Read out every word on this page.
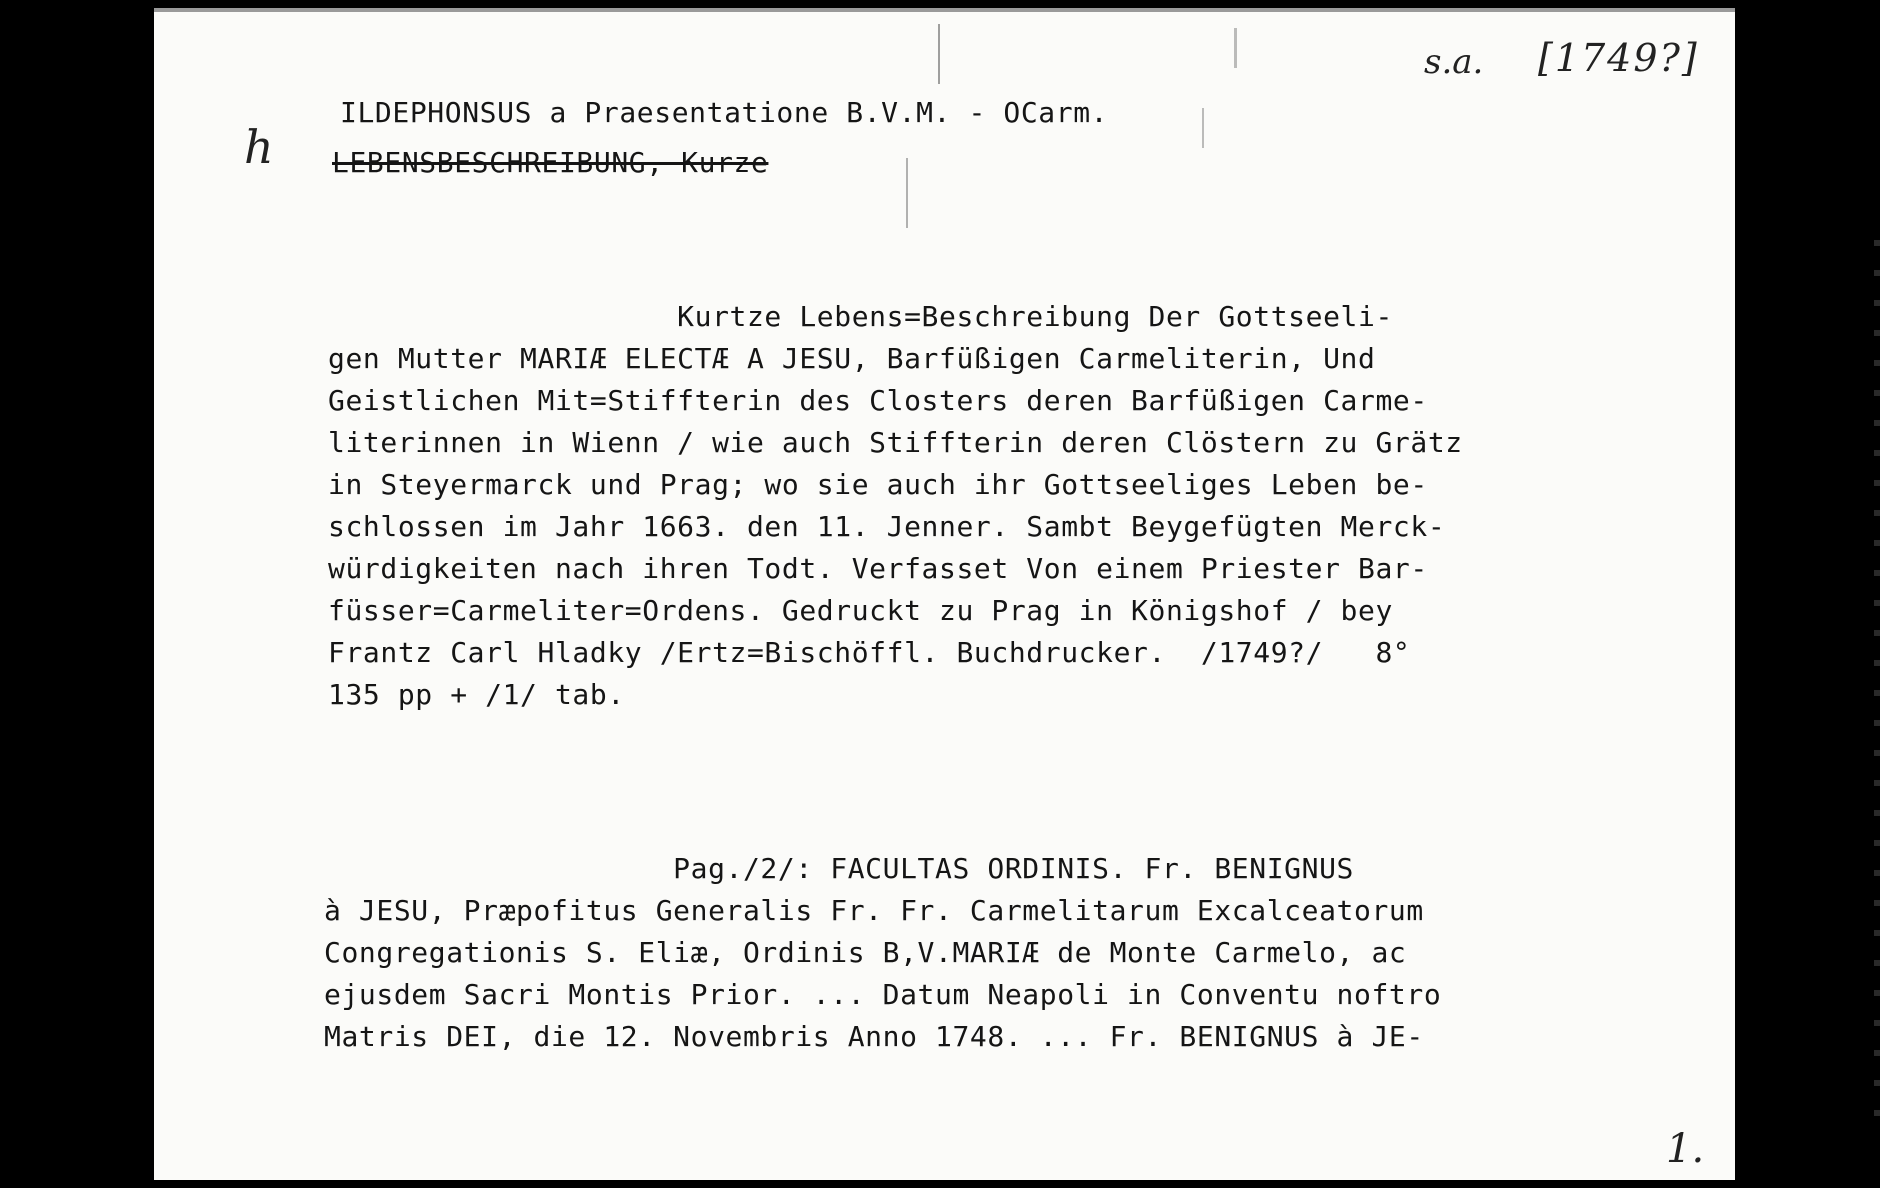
h
s.a. [1749?]
ILDEPHONSUS a Praesentatione B.V.M. - OCarm.
LEBENSBESCHREIBUNG, Kurze
Kurtze Lebens=Beschreibung Der Gottseeli-
gen Mutter MARIÆ ELECTÆ A JESU, Barfüßigen Carmeliterin, Und
Geistlichen Mit=Stiffterin des Closters deren Barfüßigen Carme-
literinnen in Wienn / wie auch Stiffterin deren Clöstern zu Grätz
in Steyermarck und Prag; wo sie auch ihr Gottseeliges Leben be-
schlossen im Jahr 1663. den 11. Jenner. Sambt Beygefügten Merck-
würdigkeiten nach ihren Todt. Verfasset Von einem Priester Bar-
füsser=Carmeliter=Ordens. Gedruckt zu Prag in Königshof / bey
Frantz Carl Hladky /Ertz=Bischöffl. Buchdrucker.  /1749?/   8°
135 pp + /1/ tab.
Pag./2/: FACULTAS ORDINIS. Fr. BENIGNUS
à JESU, Præpofitus Generalis Fr. Fr. Carmelitarum Excalceatorum
Congregationis S. Eliæ, Ordinis B,V.MARIÆ de Monte Carmelo, ac
ejusdem Sacri Montis Prior. ... Datum Neapoli in Conventu noftro
Matris DEI, die 12. Novembris Anno 1748. ... Fr. BENIGNUS à JE-
1.
